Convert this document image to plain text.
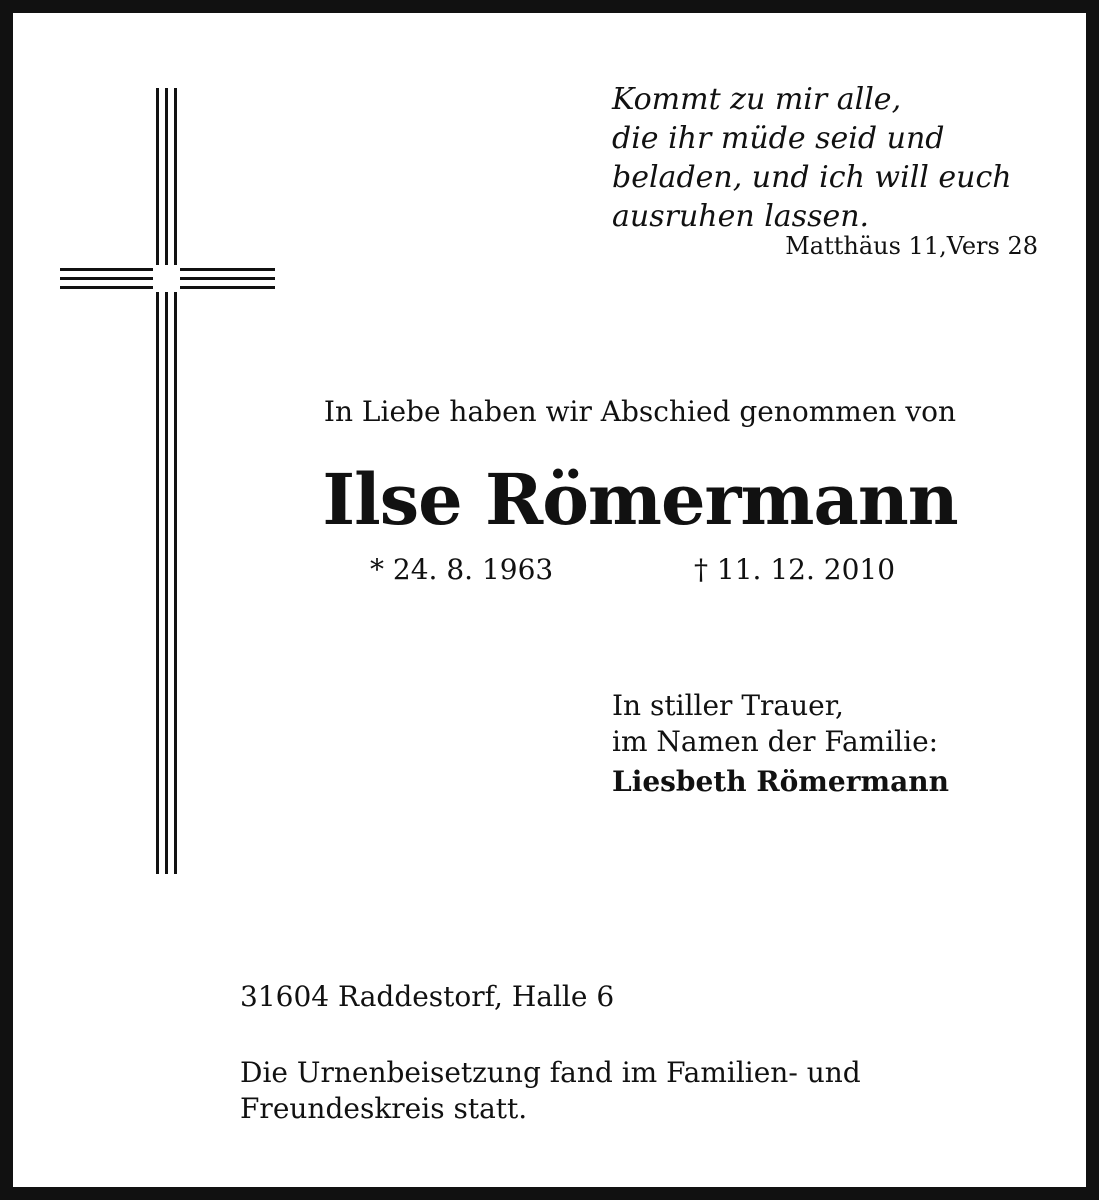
Kommt zu mir alle,
die ihr müde seid und
beladen, und ich will euch
ausruhen lassen.
Matthäus 11,Vers 28
In Liebe haben wir Abschied genommen von
Ilse Römermann
* 24. 8. 1963	† 11. 12. 2010
In stiller Trauer,
im Namen der Familie:
Liesbeth Römermann
31604 Raddestorf, Halle 6
Die Urnenbeisetzung fand im Familien- und
Freundeskreis statt.
